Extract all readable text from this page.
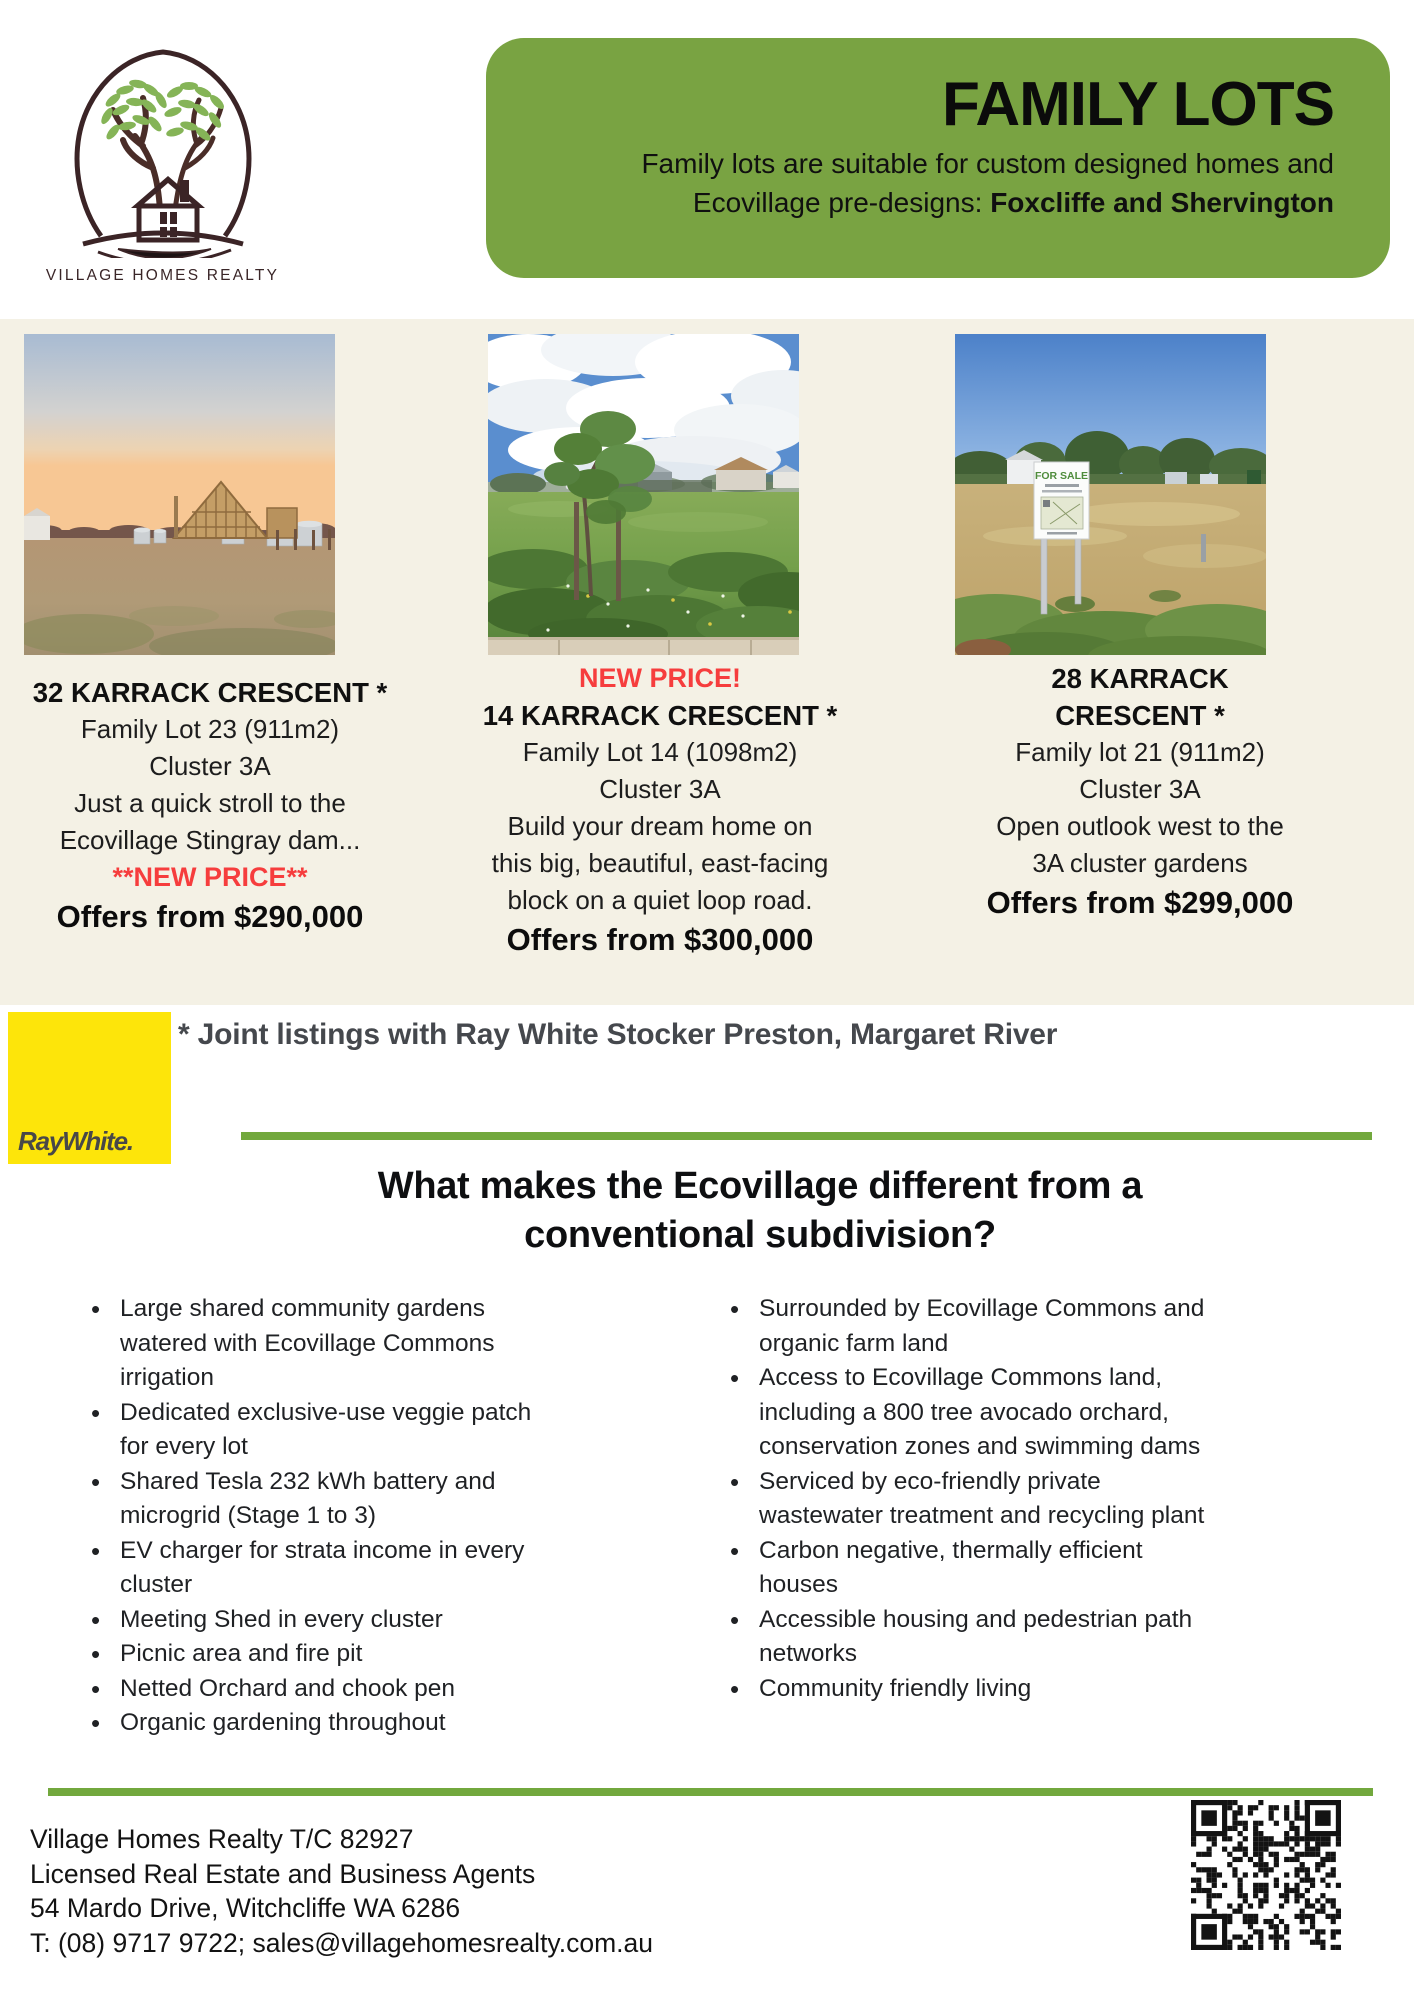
VILLAGE HOMES REALTY
FAMILY LOTS
Family lots are suitable for custom designed homes and
Ecovillage pre-designs: Foxcliffe and Shervington
FOR SALE
32 KARRACK CRESCENT *
Family Lot 23 (911m2)
Cluster 3A
Just a quick stroll to the
Ecovillage Stingray dam...
**NEW PRICE**
Offers from $290,000
NEW PRICE!
14 KARRACK CRESCENT *
Family Lot 14 (1098m2)
Cluster 3A
Build your dream home on
this big, beautiful, east-facing
block on a quiet loop road.
Offers from $300,000
28 KARRACK CRESCENT *
Family lot 21 (911m2)
Cluster 3A
Open outlook west to the
3A cluster gardens
Offers from $299,000
RayWhite.
* Joint listings with Ray White Stocker Preston, Margaret River
What makes the Ecovillage different from a
conventional subdivision?
• Large shared community gardens watered with Ecovillage Commons irrigation
• Dedicated exclusive-use veggie patch for every lot
• Shared Tesla 232 kWh battery and microgrid (Stage 1 to 3)
• EV charger for strata income in every cluster
• Meeting Shed in every cluster
• Picnic area and fire pit
• Netted Orchard and chook pen
• Organic gardening throughout
• Surrounded by Ecovillage Commons and organic farm land
• Access to Ecovillage Commons land, including a 800 tree avocado orchard, conservation zones and swimming dams
• Serviced by eco-friendly private wastewater treatment and recycling plant
• Carbon negative, thermally efficient houses
• Accessible housing and pedestrian path networks
• Community friendly living
Village Homes Realty T/C 82927
Licensed Real Estate and Business Agents
54 Mardo Drive, Witchcliffe WA 6286
T: (08) 9717 9722; sales@villagehomesrealty.com.au
